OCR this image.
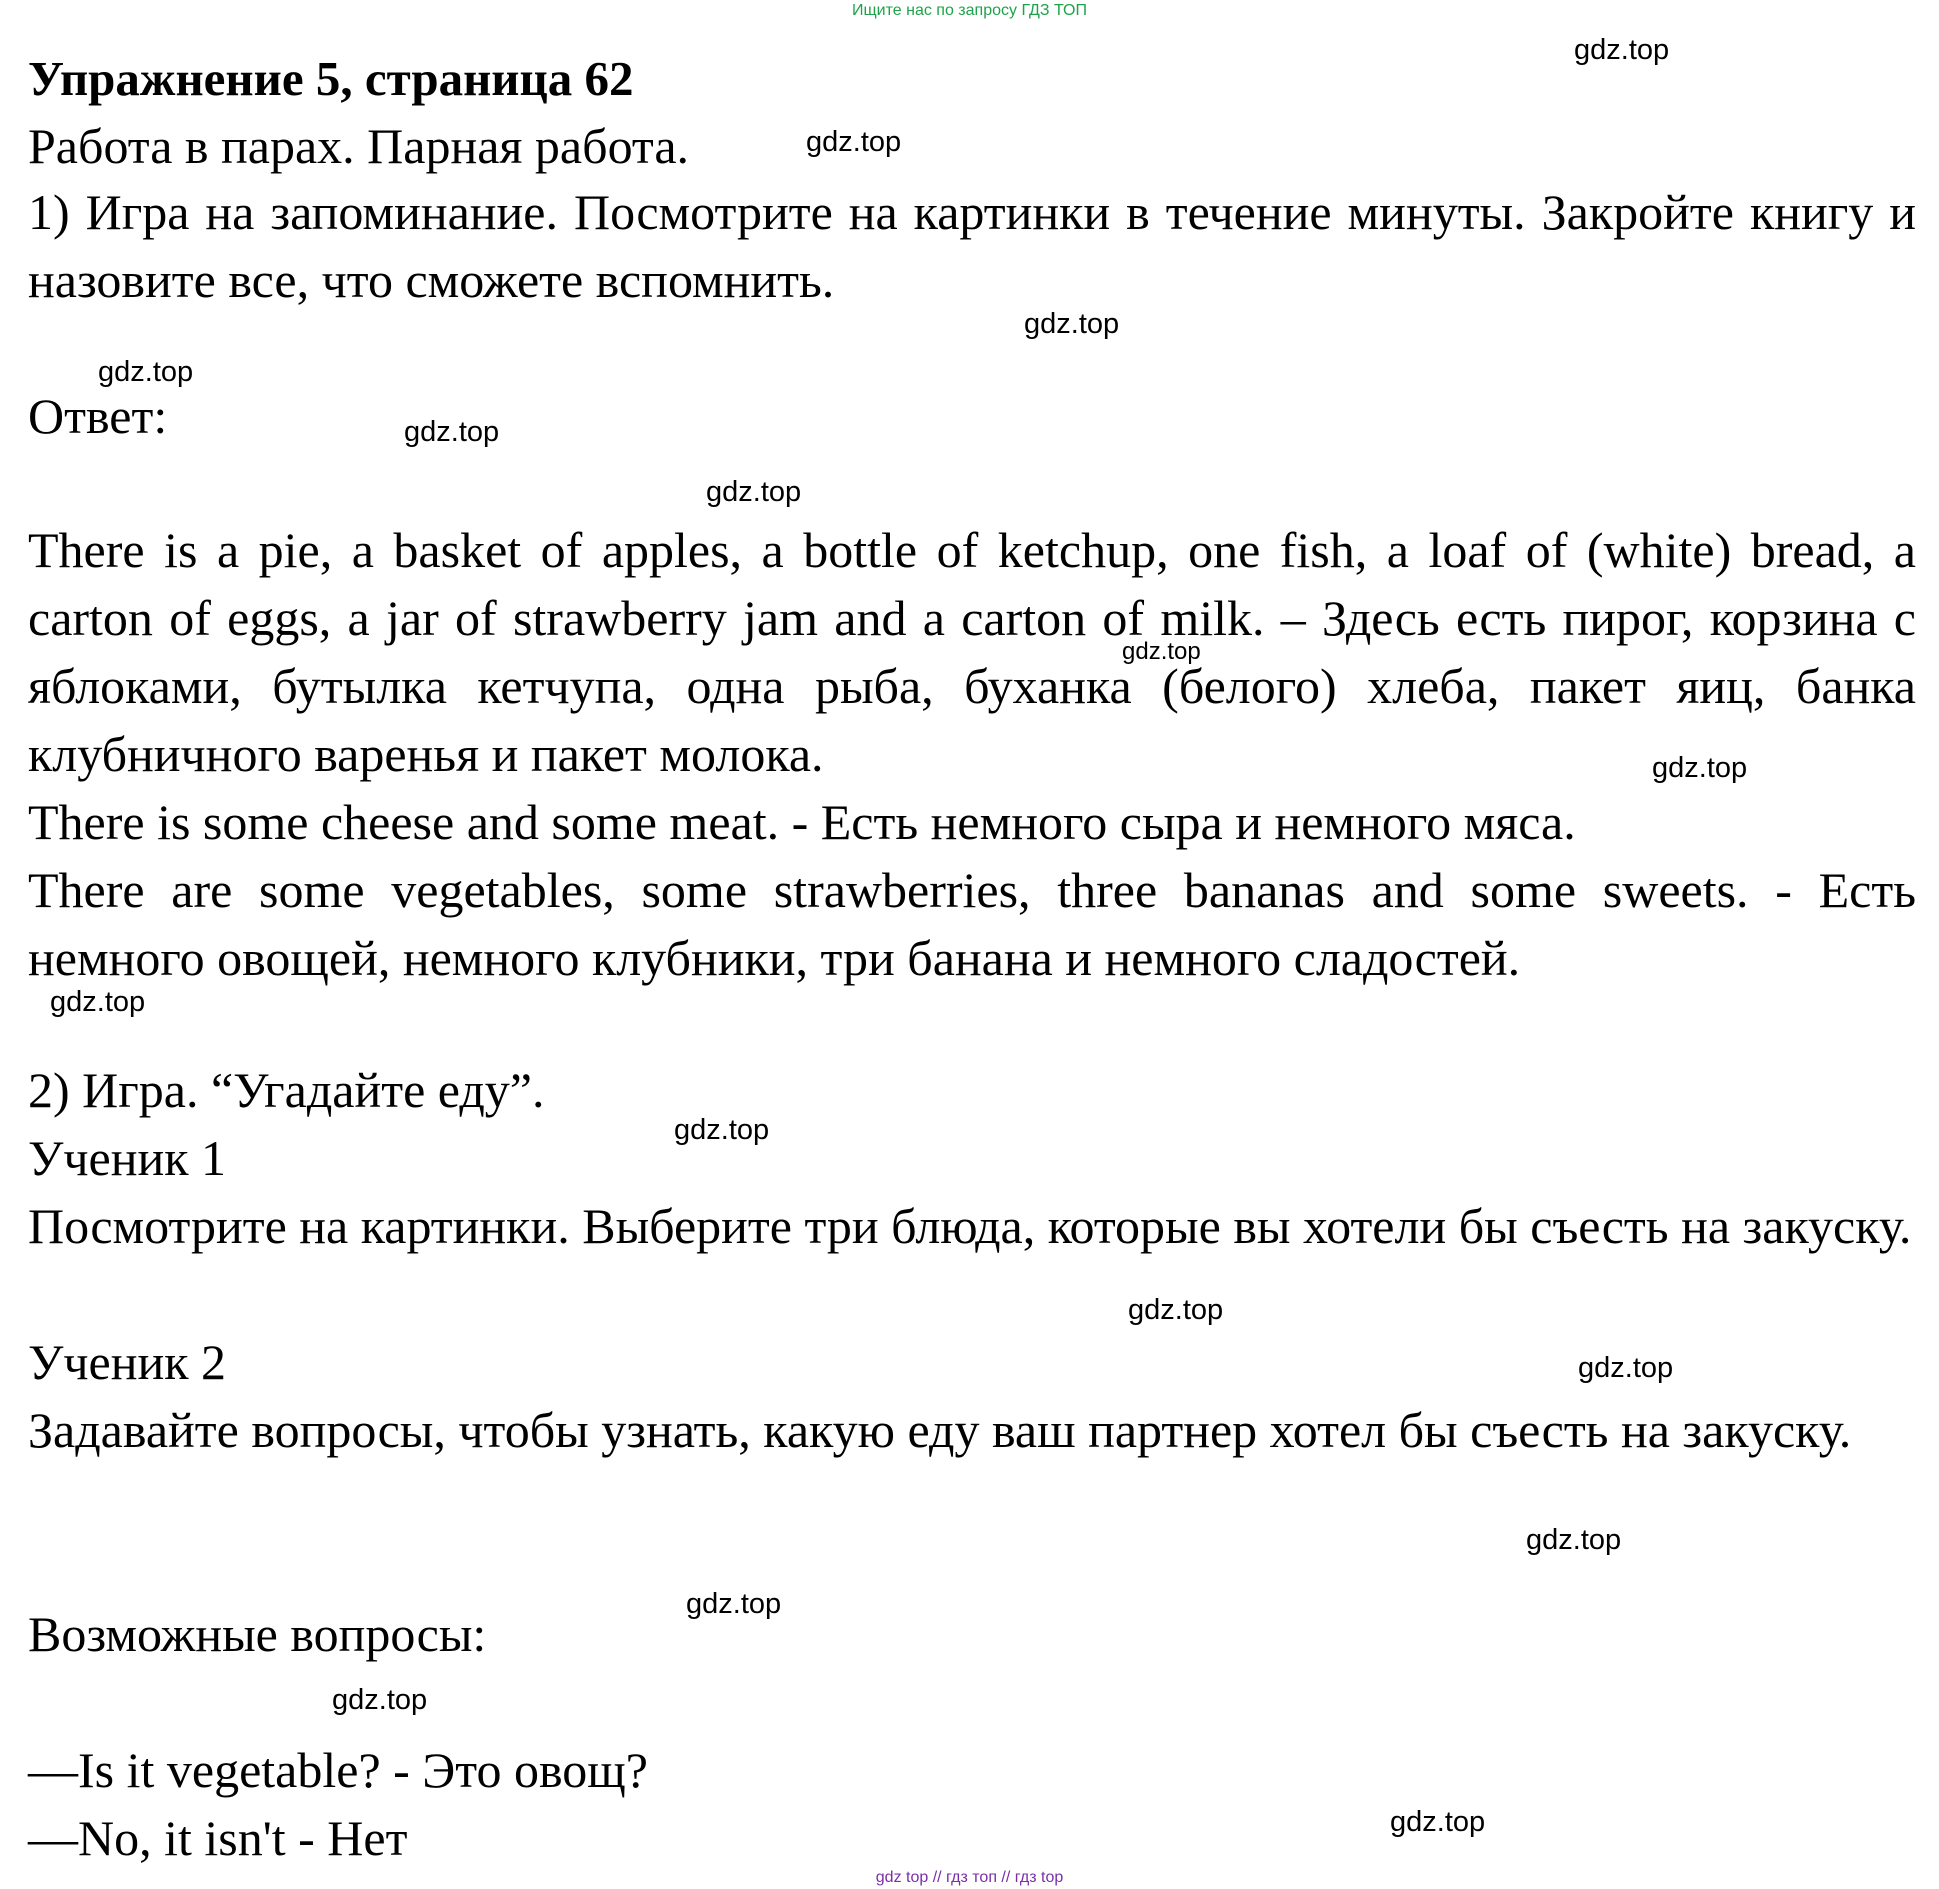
Ищите нас по запросу ГДЗ ТОП

Упражнение 5, страница 62

Работа в парах. Парная работа.

1) Игра на запоминание. Посмотрите на картинки в течение минуты. Закройте книгу и назовите все, что сможете вспомнить.

Ответ:

There is a pie, a basket of apples, a bottle of ketchup, one fish, a loaf of (white) bread, a carton of eggs, a jar of strawberry jam and a carton of milk. – Здесь есть пирог, корзина с яблоками, бутылка кетчупа, одна рыба, буханка (белого) хлеба, пакет яиц, банка клубничного варенья и пакет молока.

There is some cheese and some meat. - Есть немного сыра и немного мяса.

There are some vegetables, some strawberries, three bananas and some sweets. - Есть немного овощей, немного клубники, три банана и немного сладостей.

2) Игра. “Угадайте еду”.

Ученик 1

Посмотрите на картинки. Выберите три блюда, которые вы хотели бы съесть на закуску.

Ученик 2

Задавайте вопросы, чтобы узнать, какую еду ваш партнер хотел бы съесть на закуску.

Возможные вопросы:

—Is it vegetable? - Это овощ?

—No, it isn't - Нет

gdz.top
gdz.top
gdz.top
gdz.top
gdz.top
gdz.top
gdz.top
gdz.top
gdz.top
gdz.top
gdz.top
gdz.top
gdz.top
gdz.top
gdz.top
gdz.top
gdz top // гдз топ // гдз top
